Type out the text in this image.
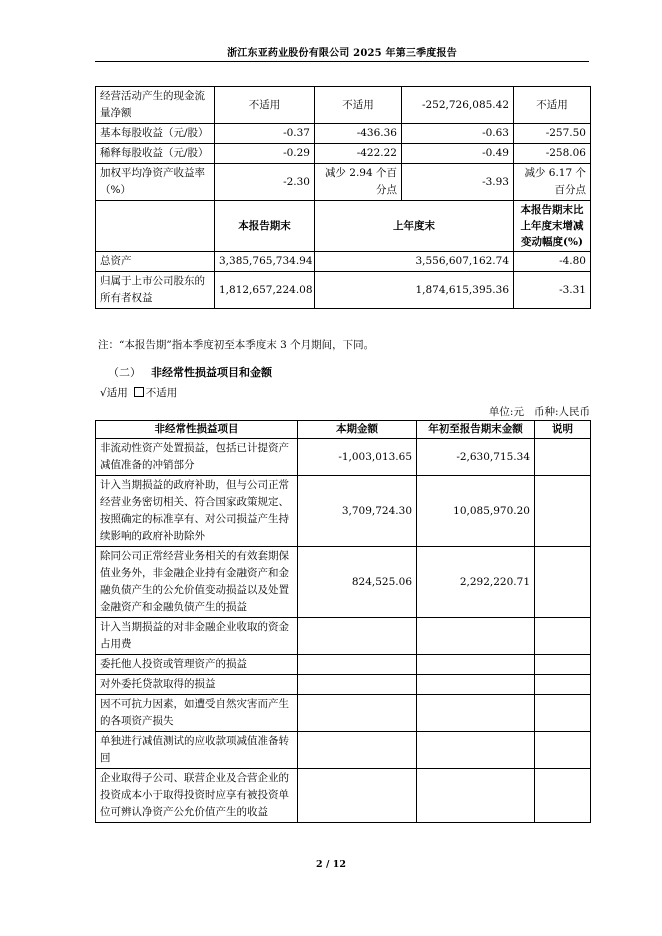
浙江东亚药业股份有限公司 2025 年第三季度报告
经营活动产生的现金流量净额	不适用	不适用	-252,726,085.42	不适用
基本每股收益（元/股）	-0.37	-436.36	-0.63	-257.50
稀释每股收益（元/股）	-0.29	-422.22	-0.49	-258.06
加权平均净资产收益率（%）	-2.30	减少 2.94 个百分点	-3.93	减少 6.17 个百分点
	本报告期末	上年度末		本报告期末比上年度末增减变动幅度(%)
总资产	3,385,765,734.94	3,556,607,162.74		-4.80
归属于上市公司股东的所有者权益	1,812,657,224.08	1,874,615,395.36		-3.31
注：“本报告期”指本季度初至本季度末 3 个月期间，下同。
（二） 非经常性损益项目和金额
√适用 不适用
单位:元 币种:人民币
非经常性损益项目	本期金额	年初至报告期末金额	说明
非流动性资产处置损益，包括已计提资产减值准备的冲销部分	-1,003,013.65	-2,630,715.34	
计入当期损益的政府补助，但与公司正常经营业务密切相关、符合国家政策规定、按照确定的标准享有、对公司损益产生持续影响的政府补助除外	3,709,724.30	10,085,970.20	
除同公司正常经营业务相关的有效套期保值业务外，非金融企业持有金融资产和金融负债产生的公允价值变动损益以及处置金融资产和金融负债产生的损益	824,525.06	2,292,220.71	
计入当期损益的对非金融企业收取的资金占用费			
委托他人投资或管理资产的损益			
对外委托贷款取得的损益			
因不可抗力因素，如遭受自然灾害而产生的各项资产损失			
单独进行减值测试的应收款项减值准备转回			
企业取得子公司、联营企业及合营企业的投资成本小于取得投资时应享有被投资单位可辨认净资产公允价值产生的收益			
2 / 12
